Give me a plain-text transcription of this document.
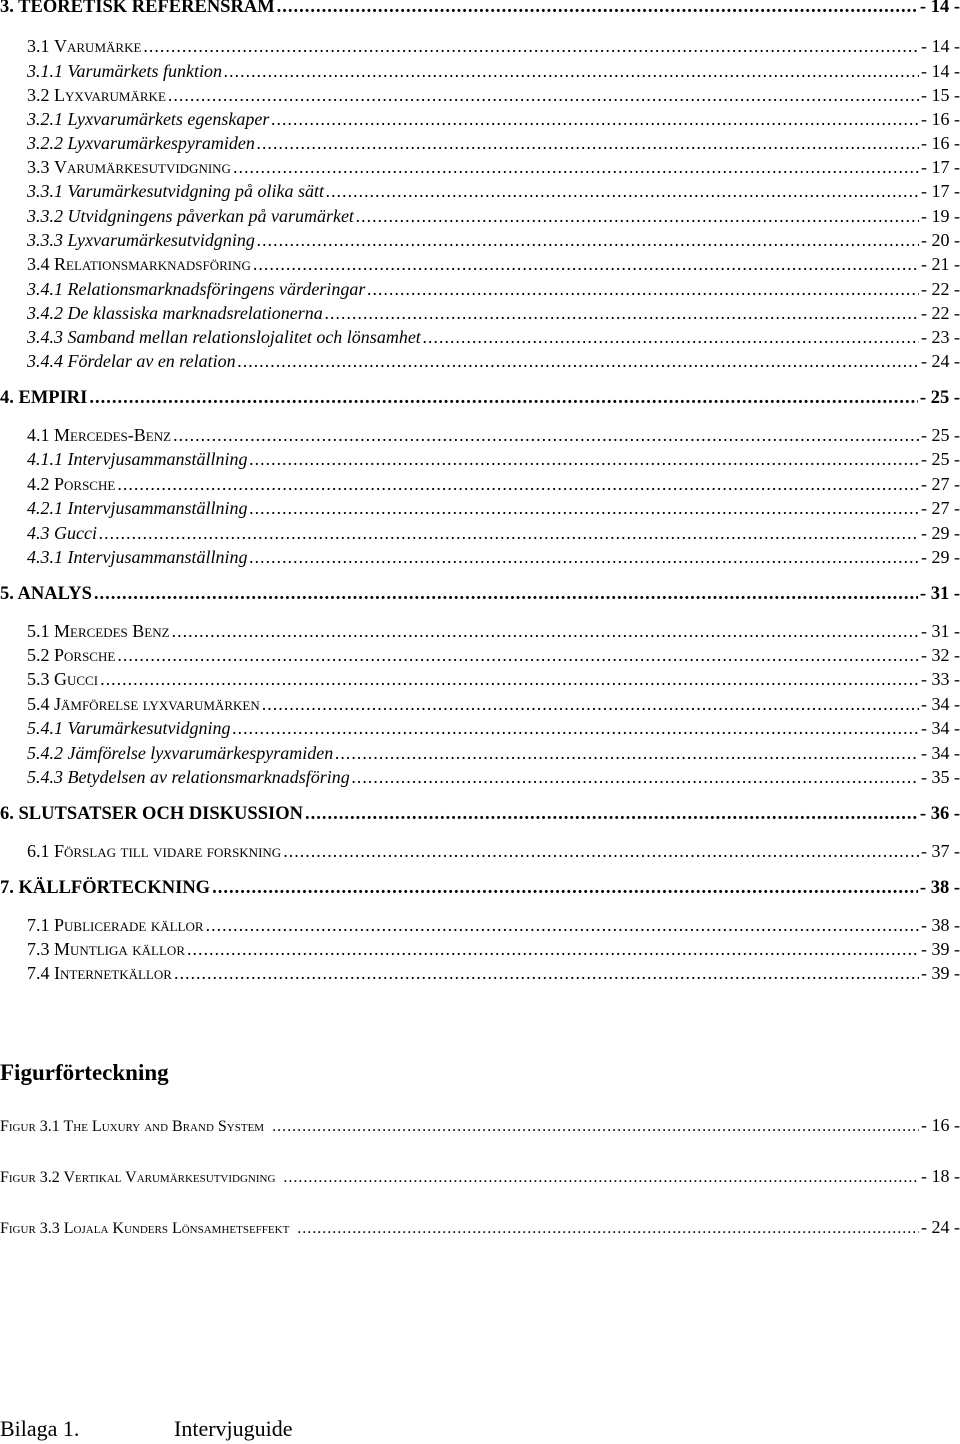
3. TEORETISK REFERENSRAM .....	- 14 -
3.1 Varumärke .....	- 14 -
3.1.1 Varumärkets funktion .....	- 14 -
3.2 Lyxvarumärke .....	- 15 -
3.2.1 Lyxvarumärkets egenskaper .....	- 16 -
3.2.2 Lyxvarumärkespyramiden .....	- 16 -
3.3 Varumärkesutvidgning .....	- 17 -
3.3.1 Varumärkesutvidgning på olika sätt .....	- 17 -
3.3.2 Utvidgningens påverkan på varumärket .....	- 19 -
3.3.3 Lyxvarumärkesutvidgning .....	- 20 -
3.4 Relationsmarknadsföring .....	- 21 -
3.4.1 Relationsmarknadsföringens värderingar .....	- 22 -
3.4.2 De klassiska marknadsrelationerna .....	- 22 -
3.4.3 Samband mellan relationslojalitet och lönsamhet .....	- 23 -
3.4.4 Fördelar av en relation .....	- 24 -
4. EMPIRI .....	- 25 -
4.1 Mercedes-Benz .....	- 25 -
4.1.1 Intervjusammanställning .....	- 25 -
4.2 Porsche .....	- 27 -
4.2.1 Intervjusammanställning .....	- 27 -
4.3 Gucci .....	- 29 -
4.3.1 Intervjusammanställning .....	- 29 -
5. ANALYS .....	- 31 -
5.1 Mercedes Benz .....	- 31 -
5.2 Porsche .....	- 32 -
5.3 Gucci .....	- 33 -
5.4 Jämförelse lyxvarumärken .....	- 34 -
5.4.1 Varumärkesutvidgning .....	- 34 -
5.4.2 Jämförelse lyxvarumärkespyramiden .....	- 34 -
5.4.3 Betydelsen av relationsmarknadsföring .....	- 35 -
6. SLUTSATSER OCH DISKUSSION .....	- 36 -
6.1 Förslag till vidare forskning .....	- 37 -
7. KÄLLFÖRTECKNING .....	- 38 -
7.1 Publicerade källor .....	- 38 -
7.3 Muntliga källor .....	- 39 -
7.4 Internetkällor .....	- 39 -
Figurförteckning
Figur 3.1 The Luxury and Brand System .....	- 16 -
Figur 3.2 Vertikal Varumärkesutvidgning .....	- 18 -
Figur 3.3 Lojala Kunders Lönsamhetseffekt .....	- 24 -
Bilaga 1.	Intervjuguide
